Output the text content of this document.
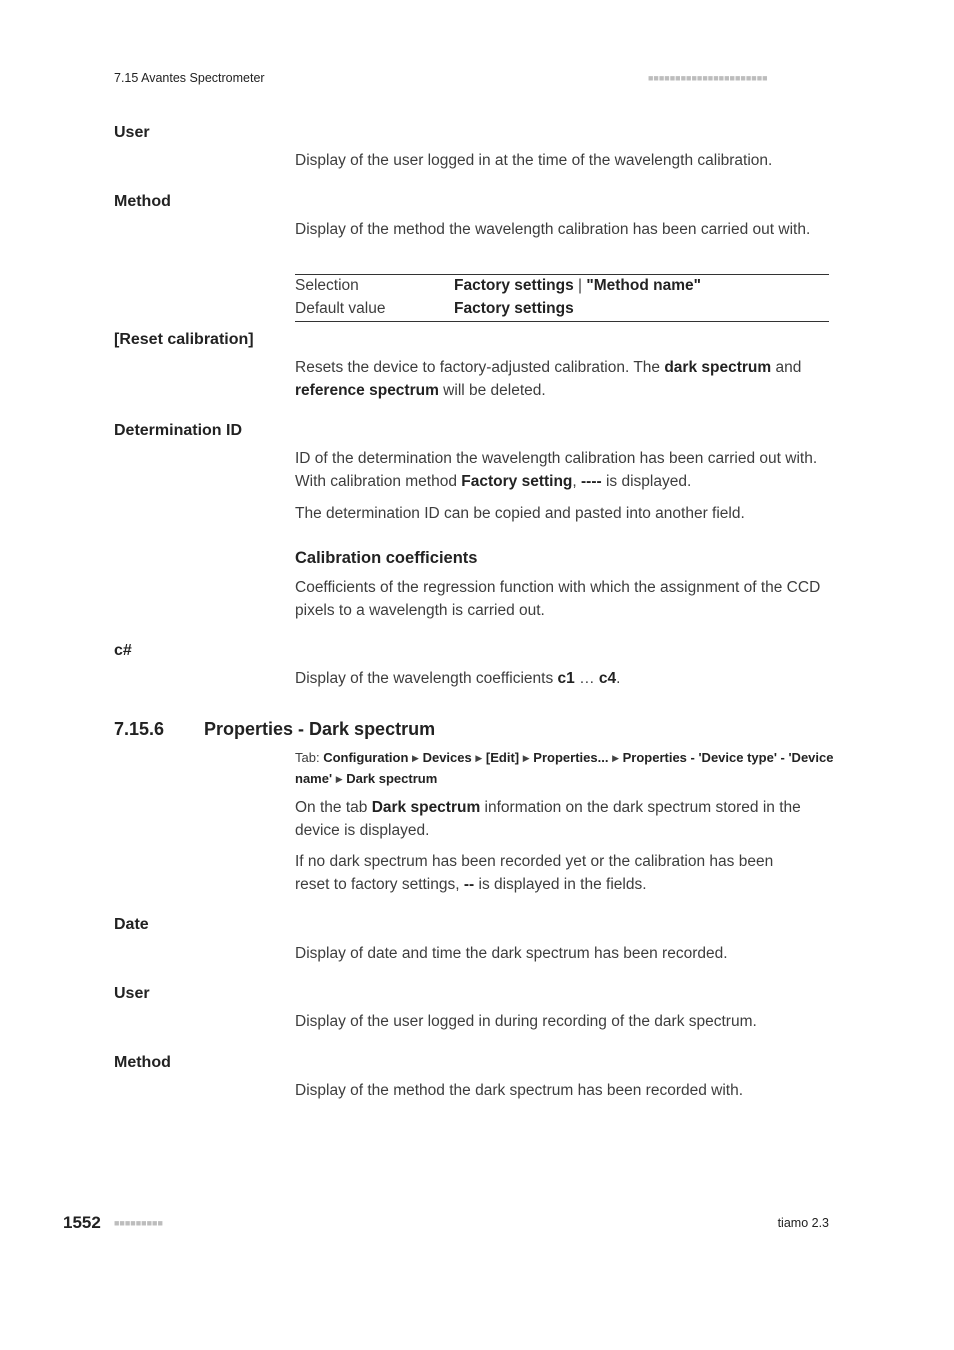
7.15 Avantes Spectrometer	■■■■■■■■■■■■■■■■■■■■■■
User
Display of the user logged in at the time of the wavelength calibration.
Method
Display of the method the wavelength calibration has been carried out with.
Selection	Factory settings | "Method name"
Default value	Factory settings
[Reset calibration]
Resets the device to factory-adjusted calibration. The dark spectrum and
reference spectrum will be deleted.
Determination ID
ID of the determination the wavelength calibration has been carried out with. With calibration method Factory setting, ---- is displayed.
The determination ID can be copied and pasted into another field.
Calibration coefficients
Coefficients of the regression function with which the assignment of the CCD pixels to a wavelength is carried out.
c#
Display of the wavelength coefficients c1 … c4.
7.15.6 Properties - Dark spectrum
Tab: Configuration ▶ Devices ▶ [Edit] ▶ Properties... ▶ Properties - 'Device type' - 'Device name' ▶ Dark spectrum
On the tab Dark spectrum information on the dark spectrum stored in the device is displayed.
If no dark spectrum has been recorded yet or the calibration has been reset to factory settings, -- is displayed in the fields.
Date
Display of date and time the dark spectrum has been recorded.
User
Display of the user logged in during recording of the dark spectrum.
Method
Display of the method the dark spectrum has been recorded with.
1552 ■■■■■■■■■	tiamo 2.3
